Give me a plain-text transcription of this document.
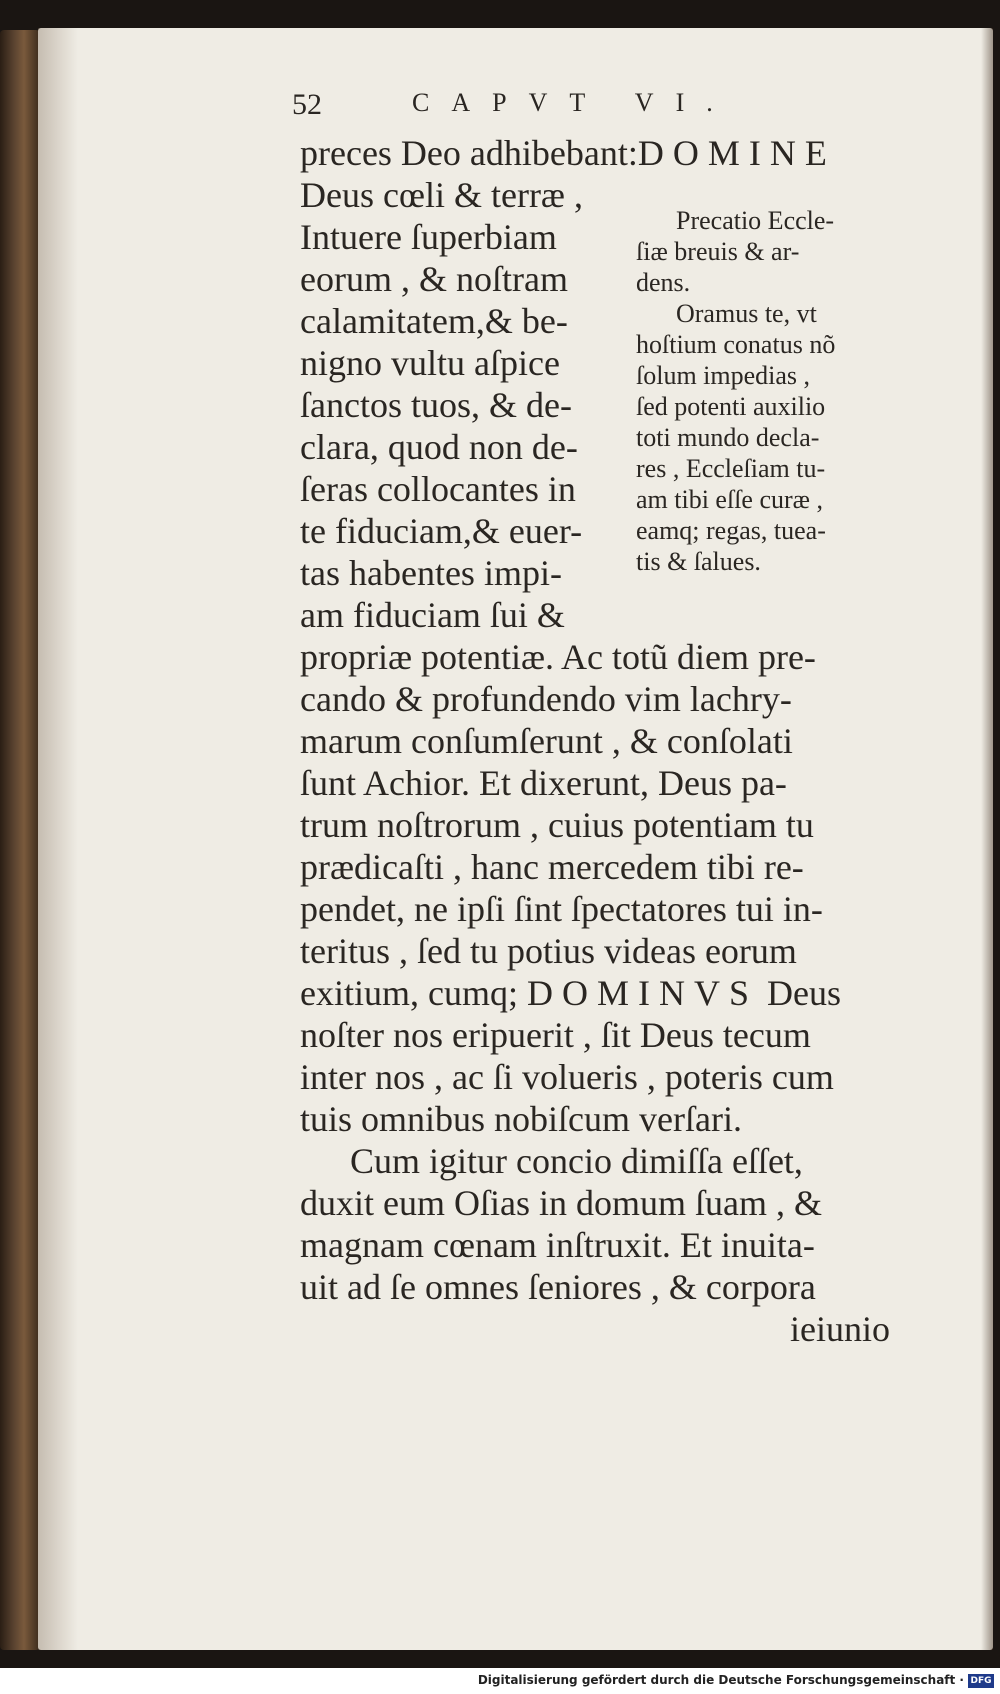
52	CAPVT VI.
preces Deo adhibebant:DOMINE
Deus cœli & terræ ,
Intuere ſuperbiam
eorum , & noſtram
calamitatem,& be-
nigno vultu aſpice
ſanctos tuos, & de-
clara, quod non de-
ſeras collocantes in
te fiduciam,& euer-
tas habentes impi-
am fiduciam ſui &
Precatio Eccle-
ſiæ breuis & ar-
dens.
Oramus te, vt
hoſtium conatus nõ
ſolum impedias ,
ſed potenti auxilio
toti mundo decla-
res , Eccleſiam tu-
am tibi eſſe curæ ,
eamq; regas, tuea-
tis & ſalues.
propriæ potentiæ. Ac totũ diem pre-
cando & profundendo vim lachry-
marum conſumſerunt , & conſolati
ſunt Achior. Et dixerunt, Deus pa-
trum noſtrorum , cuius potentiam tu
prædicaſti , hanc mercedem tibi re-
pendet, ne ipſi ſint ſpectatores tui in-
teritus , ſed tu potius videas eorum
exitium, cumq; DOMINVS Deus
noſter nos eripuerit , ſit Deus tecum
inter nos , ac ſi volueris , poteris cum
tuis omnibus nobiſcum verſari.
Cum igitur concio dimiſſa eſſet,
duxit eum Oſias in domum ſuam , &
magnam cœnam inſtruxit. Et inuita-
uit ad ſe omnes ſeniores , & corpora
ieiunio
Digitalisierung gefördert durch die Deutsche Forschungsgemeinschaft · DFG
